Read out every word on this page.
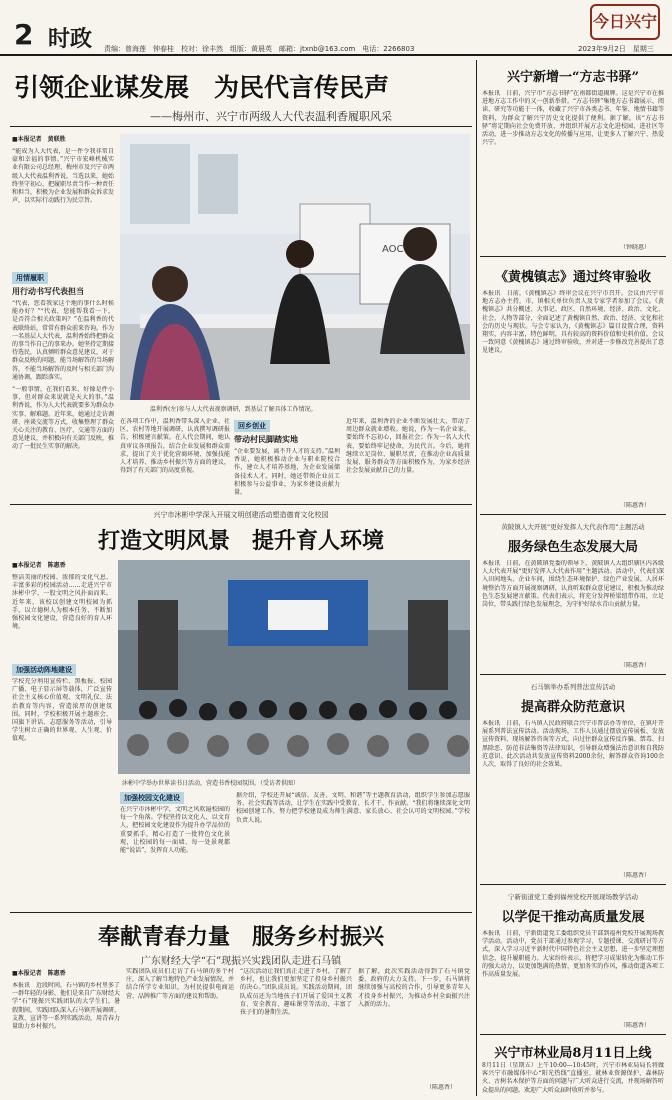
2 时政 责编：曾海莲　钟春桂　校对：徐丰然　组版：黄晨英　邮箱：jtxnb@163.com　电话：2266803	2023年9月2日　星期三
今日兴宁
引领企业谋发展　为民代言传民声
——梅州市、兴宁市两级人大代表温利香履职风采
■本报记者　黄联胜
“能成为人大代表，是一件令我非常自豪和幸福的事情。”兴宁市宏峰机械实业有限公司总经理、梅州市及兴宁市两级人大代表温利香说，当选以来，她始终坚守初心，把履职尽责当作一种责任和担当，积极为企业发展和群众诉求发声，以实际行动践行为民宗旨。
用情履职
用行动书写代表担当
“代表，您看我家这个地的事什么时候能办好？”“代表，您能帮我看一下，是否符合相关政策吗？”在温利香的代表联络站，常常有群众前来咨询。作为一名基层人大代表，温利香始终把群众的事当作自己的事来办。她坚持定期接待选民，认真倾听群众意见建议，对于群众反映的问题，能当场解答的当场解答，不能当场解答的及时与相关部门沟通协调，跟踪落实。
AOC
温利香(左)参与人大代表视察调研，到基层了解具体工作情况。
“一般事情，在我们看来，好像是件小事，但对群众来说就是天大的事。”温利香说，作为人大代表就要多为群众办实事、解难题。近年来，她通过走访调研、座谈交流等方式，收集整理了群众关心关注的教育、医疗、交通等方面的意见建议，并积极向有关部门反映，推动了一批民生实事的解决。
在各项工作中，温利香带头深入企业、社区、农村等地开展调研，认真撰写调研报告，积极建言献策。在人代会期间，她认真审议各项报告，结合企业发展和群众需求，提出了关于优化营商环境、加强技能人才培养、推动乡村振兴等方面的建议，得到了有关部门的高度重视。
回乡创业
带动村民脚踏实地
“企业要发展，离不开人才的支持。”温利香说，她积极推动企业与职业院校合作，建立人才培养基地，为企业发展储备技术人才。同时，她还带领企业员工积极参与公益事业，为家乡建设贡献力量。
近年来，温利香的企业不断发展壮大，带动了周边群众就业增收。她说，作为一名企业家，要始终不忘初心，回报社会；作为一名人大代表，要始终牢记使命，为民代言。今后，她将继续立足岗位、履职尽责，在推动企业高质量发展、服务群众等方面积极作为，为家乡经济社会发展贡献自己的力量。
兴宁新增一“方志书驿”
本报讯　日前，兴宁市“方志书驿”在南都街道揭牌。这是兴宁市在推进地方志工作中的又一创新举措。“方志书驿”集地方志书籍展示、阅读、研究等功能于一体，收藏了兴宁市各类志书、年鉴、地情书籍等资料，为群众了解兴宁历史文化提供了便利。据了解，该“方志书驿”将定期向社会免费开放，并组织开展方志文化进校园、进社区等活动，进一步推动方志文化的传播与应用，让更多人了解兴宁、热爱兴宁。
（钟晓惠）
《黄槐镇志》通过终审验收
本报讯　日前，《黄槐镇志》终审会议在兴宁市召开。会议由兴宁市地方志办主持，市、镇相关单位负责人及专家学者参加了会议。《黄槐镇志》共分概述、大事记、政区、自然环境、经济、政治、文化、社会、人物等部分，全面记述了黄槐镇自然、政治、经济、文化和社会的历史与现状。与会专家认为，《黄槐镇志》篇目设置合理，资料翔实，内容丰富，特色鲜明，具有较高的资料价值和史料价值。会议一致同意《黄槐镇志》通过终审验收，并对进一步修改完善提出了意见建议。
（陈惠香）
黄陂镇人大开展“更好发挥人大代表作用”主题活动
服务绿色生态发展大局
本报讯　日前，在黄陂镇党委的领导下，黄陂镇人大组织辖区内各级人大代表开展“更好发挥人大代表作用”主题活动。活动中，代表们深入田间地头、企业车间，围绕生态环境保护、绿色产业发展、人居环境整治等方面开展视察调研，认真听取群众意见建议，积极为推动绿色生态发展建言献策。代表们表示，将充分发挥桥梁纽带作用，立足岗位，带头践行绿色发展理念，为守护好绿水青山贡献力量。
（陈惠香）
石马镇举办系列普法宣传活动
提高群众防范意识
本报讯　日前，石马镇人民政府联合兴宁市普法办等单位，在镇圩开展系列普法宣传活动。活动现场，工作人员通过摆放宣传展板、发放宣传资料、现场解答咨询等方式，向过往群众宣传反诈骗、禁毒、扫黑除恶、防范非法集资等法律知识，引导群众增强法治意识和自我防范意识。此次活动共发放宣传资料2000余份，解答群众咨询100余人次，取得了良好的社会效果。
（陈惠香）
宁新街道党工委到福州党校开展现场教学活动
以学促干推动高质量发展
本报讯　日前，宁新街道党工委组织党员干部到福州党校开展现场教学活动。活动中，党员干部通过参观学习、专题授课、交流研讨等方式，深入学习习近平新时代中国特色社会主义思想，进一步坚定理想信念，提升履职能力。大家纷纷表示，将把学习成果转化为推动工作的强大动力，以更加饱满的热情、更加务实的作风，推动街道各项工作高质量发展。
（陈惠香）
兴宁市林业局8月11日上线
8月11日（星期五）上午10:00—10:45时，兴宁市林业局局长将做客兴宁市融媒体中心“阳光热线”直播室，就林业资源保护、森林防火、古树名木保护等方面的问题与广大听众进行交流，并现场解答听众提出的问题。欢迎广大听众届时收听并参与。
兴宁市沐彬中学深入开展文明创建活动塑造德育文化校园
打造文明风景　提升育人环境
■本报记者　陈惠香
整洁美丽的校园、浓郁的文化气息、丰富多彩的校园活动……走进兴宁市沐彬中学，一股文明之风扑面而来。近年来，该校以创建文明校园为抓手，以立德树人为根本任务，不断加强校园文化建设，营造良好的育人环境。
加强活动阵地建设
学校充分利用宣传栏、黑板报、校园广播、电子显示屏等载体，广泛宣传社会主义核心价值观、文明礼仪、法治教育等内容，营造浓厚的创建氛围。同时，学校积极开展主题班会、国旗下讲话、志愿服务等活动，引导学生树立正确的世界观、人生观、价值观。
沐彬中学举办世界读书日活动，营造书香校园氛围。（受访者供图）
加强校园文化建设
在兴宁市沐彬中学，文明之风吹遍校园的每一个角落。学校坚持以文化人、以文育人，把校园文化建设作为提升办学品位的重要抓手，精心打造了一批特色文化景观，让校园的每一面墙、每一处景观都能“说话”，发挥育人功能。
据介绍，学校还开展“诚信、友善、文明、和谐”等主题教育活动，组织学生参加志愿服务、社会实践等活动，让学生在实践中受教育、长才干、作贡献。“我们将继续深化文明校园创建工作，努力把学校建设成为师生满意、家长放心、社会认可的文明校园。”学校负责人说。
奉献青春力量　服务乡村振兴
广东财经大学“石”现振兴实践团队走进石马镇
■本报记者　陈惠香
本报讯　近段时间，石马镇的乡村里多了一群年轻的身影，他们是来自广东财经大学“石”现振兴实践团队的大学生们。暑假期间，实践团队深入石马镇开展调研、支教、宣讲等一系列实践活动，用青春力量助力乡村振兴。
实践团队成员们走访了石马镇的多个村庄，深入了解当地特色产业发展情况，并结合所学专业知识，为村民提供电商运营、品牌推广等方面的建议和帮助。
“这次活动让我们真正走进了乡村，了解了乡村，也让我们更加坚定了投身乡村振兴的决心。”团队成员说。实践活动期间，团队成员还为当地孩子们开展了爱国主义教育、安全教育、趣味课堂等活动，丰富了孩子们的暑期生活。
据了解，此次实践活动得到了石马镇党委、政府的大力支持。下一步，石马镇将继续加强与高校的合作，引导更多青年人才投身乡村振兴，为推动乡村全面振兴注入新的活力。
（陈惠香）
